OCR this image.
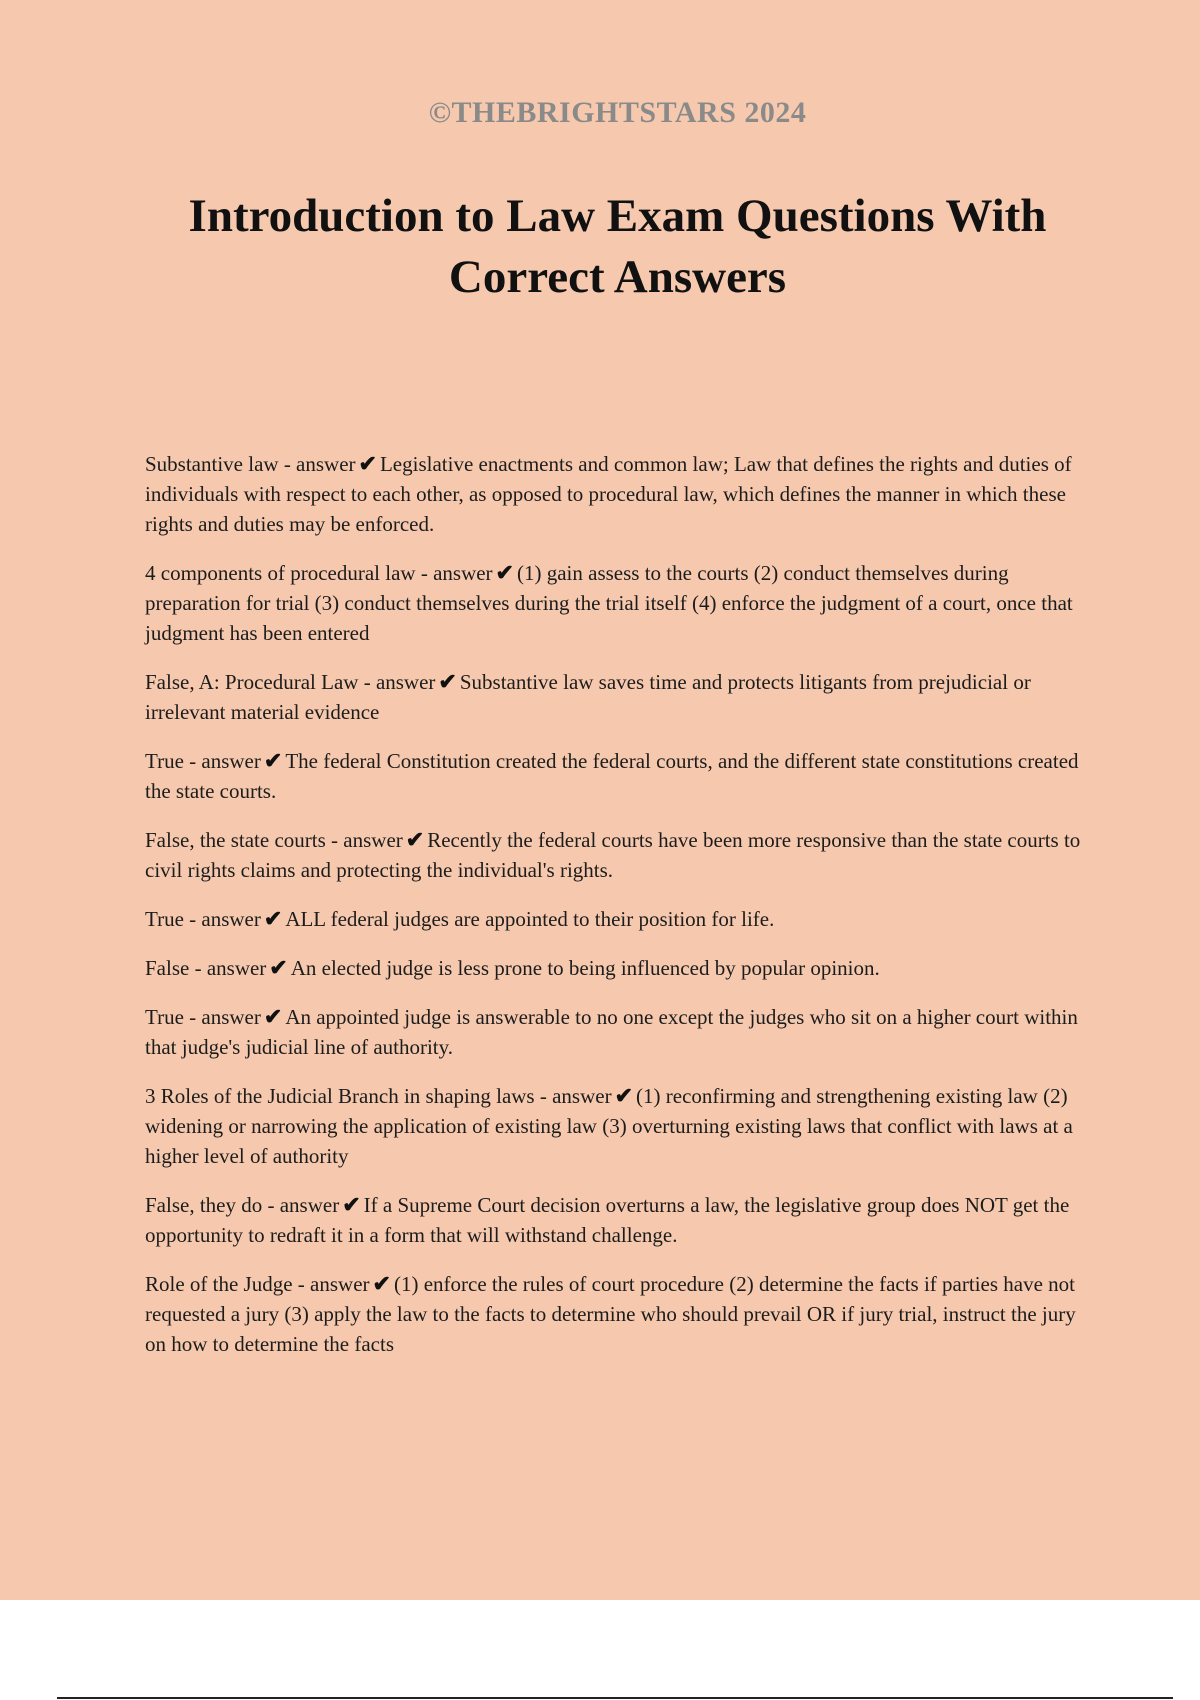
©THEBRIGHTSTARS 2024
Introduction to Law Exam Questions With Correct Answers
Substantive law - answer ✔ Legislative enactments and common law; Law that defines the rights and duties of individuals with respect to each other, as opposed to procedural law, which defines the manner in which these rights and duties may be enforced.
4 components of procedural law - answer ✔ (1) gain assess to the courts (2) conduct themselves during preparation for trial (3) conduct themselves during the trial itself (4) enforce the judgment of a court, once that judgment has been entered
False, A: Procedural Law - answer ✔ Substantive law saves time and protects litigants from prejudicial or irrelevant material evidence
True - answer ✔ The federal Constitution created the federal courts, and the different state constitutions created the state courts.
False, the state courts - answer ✔ Recently the federal courts have been more responsive than the state courts to civil rights claims and protecting the individual's rights.
True - answer ✔ ALL federal judges are appointed to their position for life.
False - answer ✔ An elected judge is less prone to being influenced by popular opinion.
True - answer ✔ An appointed judge is answerable to no one except the judges who sit on a higher court within that judge's judicial line of authority.
3 Roles of the Judicial Branch in shaping laws - answer ✔ (1) reconfirming and strengthening existing law (2) widening or narrowing the application of existing law (3) overturning existing laws that conflict with laws at a higher level of authority
False, they do - answer ✔ If a Supreme Court decision overturns a law, the legislative group does NOT get the opportunity to redraft it in a form that will withstand challenge.
Role of the Judge - answer ✔ (1) enforce the rules of court procedure (2) determine the facts if parties have not requested a jury (3) apply the law to the facts to determine who should prevail OR if jury trial, instruct the jury on how to determine the facts
